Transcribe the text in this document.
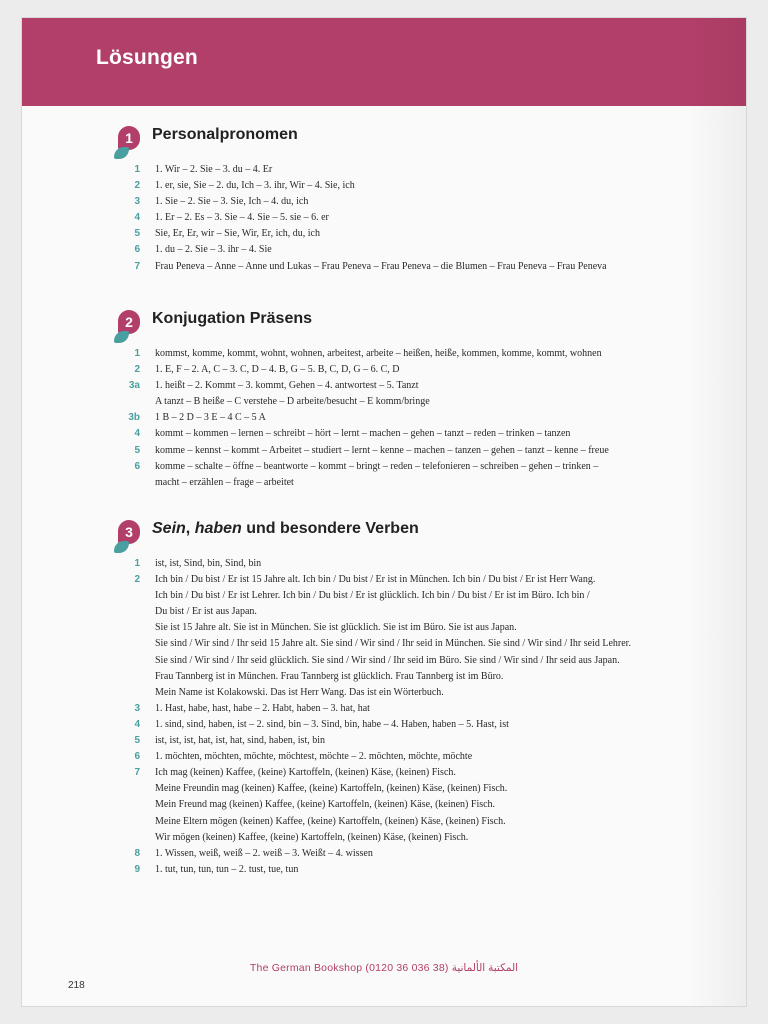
Lösungen
1	Personalpronomen
1 1. Wir – 2. Sie – 3. du – 4. Er
2 1. er, sie, Sie – 2. du, Ich – 3. ihr, Wir – 4. Sie, ich
3 1. Sie – 2. Sie – 3. Sie, Ich – 4. du, ich
4 1. Er – 2. Es – 3. Sie – 4. Sie – 5. sie – 6. er
5 Sie, Er, Er, wir – Sie, Wir, Er, ich, du, ich
6 1. du – 2. Sie – 3. ihr – 4. Sie
7 Frau Peneva – Anne – Anne und Lukas – Frau Peneva – Frau Peneva – die Blumen – Frau Peneva – Frau Peneva
2	Konjugation Präsens
1 kommst, komme, kommt, wohnt, wohnen, arbeitest, arbeite – heißen, heiße, kommen, komme, kommt, wohnen
2 1. E, F – 2. A, C – 3. C, D – 4. B, G – 5. B, C, D, G – 6. C, D
3a 1. heißt – 2. Kommt – 3. kommt, Gehen – 4. antwortest – 5. Tanzt
A tanzt – B heiße – C verstehe – D arbeite/besucht – E komm/bringe
3b 1 B – 2 D – 3 E – 4 C – 5 A
4 kommt – kommen – lernen – schreibt – hört – lernt – machen – gehen – tanzt – reden – trinken – tanzen
5 komme – kennst – kommt – Arbeitet – studiert – lernt – kenne – machen – tanzen – gehen – tanzt – kenne – freue
6 komme – schalte – öffne – beantworte – kommt – bringt – reden – telefonieren – schreiben – gehen – trinken –
macht – erzählen – frage – arbeitet
3	Sein, haben und besondere Verben
1 ist, ist, Sind, bin, Sind, bin
2 Ich bin / Du bist / Er ist 15 Jahre alt. Ich bin / Du bist / Er ist in München. Ich bin / Du bist / Er ist Herr Wang.
Ich bin / Du bist / Er ist Lehrer. Ich bin / Du bist / Er ist glücklich. Ich bin / Du bist / Er ist im Büro. Ich bin /
Du bist / Er ist aus Japan.
Sie ist 15 Jahre alt. Sie ist in München. Sie ist glücklich. Sie ist im Büro. Sie ist aus Japan.
Sie sind / Wir sind / Ihr seid 15 Jahre alt. Sie sind / Wir sind / Ihr seid in München. Sie sind / Wir sind / Ihr seid Lehrer.
Sie sind / Wir sind / Ihr seid glücklich. Sie sind / Wir sind / Ihr seid im Büro. Sie sind / Wir sind / Ihr seid aus Japan.
Frau Tannberg ist in München. Frau Tannberg ist glücklich. Frau Tannberg ist im Büro.
Mein Name ist Kolakowski. Das ist Herr Wang. Das ist ein Wörterbuch.
3 1. Hast, habe, hast, habe – 2. Habt, haben – 3. hat, hat
4 1. sind, sind, haben, ist – 2. sind, bin – 3. Sind, bin, habe – 4. Haben, haben – 5. Hast, ist
5 ist, ist, ist, hat, ist, hat, sind, haben, ist, bin
6 1. möchten, möchten, möchte, möchtest, möchte – 2. möchten, möchte, möchte
7 Ich mag (keinen) Kaffee, (keine) Kartoffeln, (keinen) Käse, (keinen) Fisch.
Meine Freundin mag (keinen) Kaffee, (keine) Kartoffeln, (keinen) Käse, (keinen) Fisch.
Mein Freund mag (keinen) Kaffee, (keine) Kartoffeln, (keinen) Käse, (keinen) Fisch.
Meine Eltern mögen (keinen) Kaffee, (keine) Kartoffeln, (keinen) Käse, (keinen) Fisch.
Wir mögen (keinen) Kaffee, (keine) Kartoffeln, (keinen) Käse, (keinen) Fisch.
8 1. Wissen, weiß, weiß – 2. weiß – 3. Weißt – 4. wissen
9 1. tut, tun, tun, tun – 2. tust, tue, tun
The German Bookshop (0120 36 036 38) المكتبة الألمانية
218
